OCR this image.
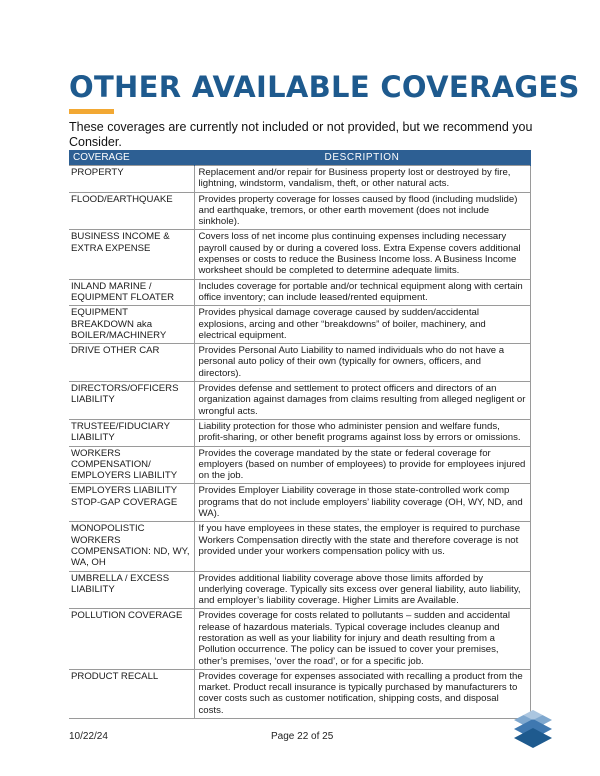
OTHER AVAILABLE COVERAGES

These coverages are currently not included or not provided, but we recommend you Consider.

COVERAGE	DESCRIPTION
PROPERTY	Replacement and/or repair for Business property lost or destroyed by fire, lightning, windstorm, vandalism, theft, or other natural acts.
FLOOD/EARTHQUAKE	Provides property coverage for losses caused by flood (including mudslide) and earthquake, tremors, or other earth movement (does not include sinkhole).
BUSINESS INCOME & EXTRA EXPENSE	Covers loss of net income plus continuing expenses including necessary payroll caused by or during a covered loss. Extra Expense covers additional expenses or costs to reduce the Business Income loss. A Business Income worksheet should be completed to determine adequate limits.
INLAND MARINE / EQUIPMENT FLOATER	Includes coverage for portable and/or technical equipment along with certain office inventory; can include leased/rented equipment.
EQUIPMENT BREAKDOWN aka BOILER/MACHINERY	Provides physical damage coverage caused by sudden/accidental explosions, arcing and other “breakdowns” of boiler, machinery, and electrical equipment.
DRIVE OTHER CAR	Provides Personal Auto Liability to named individuals who do not have a personal auto policy of their own (typically for owners, officers, and directors).
DIRECTORS/OFFICERS LIABILITY	Provides defense and settlement to protect officers and directors of an organization against damages from claims resulting from alleged negligent or wrongful acts.
TRUSTEE/FIDUCIARY LIABILITY	Liability protection for those who administer pension and welfare funds, profit-sharing, or other benefit programs against loss by errors or omissions.
WORKERS COMPENSATION/ EMPLOYERS LIABILITY	Provides the coverage mandated by the state or federal coverage for employers (based on number of employees) to provide for employees injured on the job.
EMPLOYERS LIABILITY STOP-GAP COVERAGE	Provides Employer Liability coverage in those state-controlled work comp programs that do not include employers’ liability coverage (OH, WY, ND, and WA).
MONOPOLISTIC WORKERS COMPENSATION: ND, WY, WA, OH	If you have employees in these states, the employer is required to purchase Workers Compensation directly with the state and therefore coverage is not provided under your workers compensation policy with us.
UMBRELLA / EXCESS LIABILITY	Provides additional liability coverage above those limits afforded by underlying coverage. Typically sits excess over general liability, auto liability, and employer’s liability coverage. Higher Limits are Available.
POLLUTION COVERAGE	Provides coverage for costs related to pollutants – sudden and accidental release of hazardous materials. Typical coverage includes cleanup and restoration as well as your liability for injury and death resulting from a Pollution occurrence. The policy can be issued to cover your premises, other’s premises, ‘over the road’, or for a specific job.
PRODUCT RECALL	Provides coverage for expenses associated with recalling a product from the market. Product recall insurance is typically purchased by manufacturers to cover costs such as customer notification, shipping costs, and disposal costs.
10/22/24	Page 22 of 25
